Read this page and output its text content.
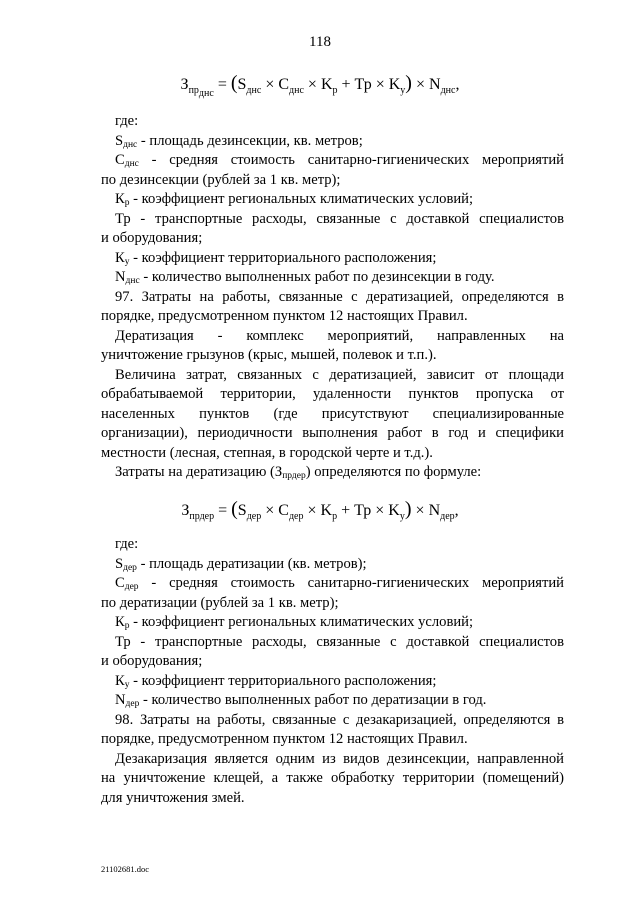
118
$З_{пр_{днс}} = (S_{днс} \times C_{днс} \times K_р$ + Тр × $K_у) \times N_{днс}$,
где:
$S_{днс}$ - площадь дезинсекции, кв. метров;
$С_{днс}$ - средняя стоимость санитарно-гигиенических мероприятий
по дезинсекции (рублей за 1 кв. метр);
$К_р$ - коэффициент региональных климатических условий;
Тр - транспортные расходы, связанные с доставкой специалистов
и оборудования;
$К_у$ - коэффициент территориального расположения;
$N_{днс}$ - количество выполненных работ по дезинсекции в году.
97. Затраты на работы, связанные с дератизацией, определяются в
порядке, предусмотренном пунктом 12 настоящих Правил.
Дератизация - комплекс мероприятий, направленных на
уничтожение грызунов (крыс, мышей, полевок и т.п.).
Величина затрат, связанных с дератизацией, зависит от площади
обрабатываемой территории, удаленности пунктов пропуска от
населенных пунктов (где присутствуют специализированные
организации), периодичности выполнения работ в год и специфики
местности (лесная, степная, в городской черте и т.д.).
Затраты на дератизацию $(З_{прдер})$ определяются по формуле:
$З_{прдер} = (S_{дер} \times C_{дер} \times K_р$ + Тр × $K_у) \times N_{дер}$,
где:
$S_{дер}$ - площадь дератизации (кв. метров);
$С_{дер}$ - средняя стоимость санитарно-гигиенических мероприятий
по дератизации (рублей за 1 кв. метр);
$К_р$ - коэффициент региональных климатических условий;
Тр - транспортные расходы, связанные с доставкой специалистов
и оборудования;
$К_у$ - коэффициент территориального расположения;
$N_{дер}$ - количество выполненных работ по дератизации в год.
98. Затраты на работы, связанные с дезакаризацией, определяются в
порядке, предусмотренном пунктом 12 настоящих Правил.
Дезакаризация является одним из видов дезинсекции, направленной
на уничтожение клещей, а также обработку территории (помещений)
для уничтожения змей.
21102681.doc
